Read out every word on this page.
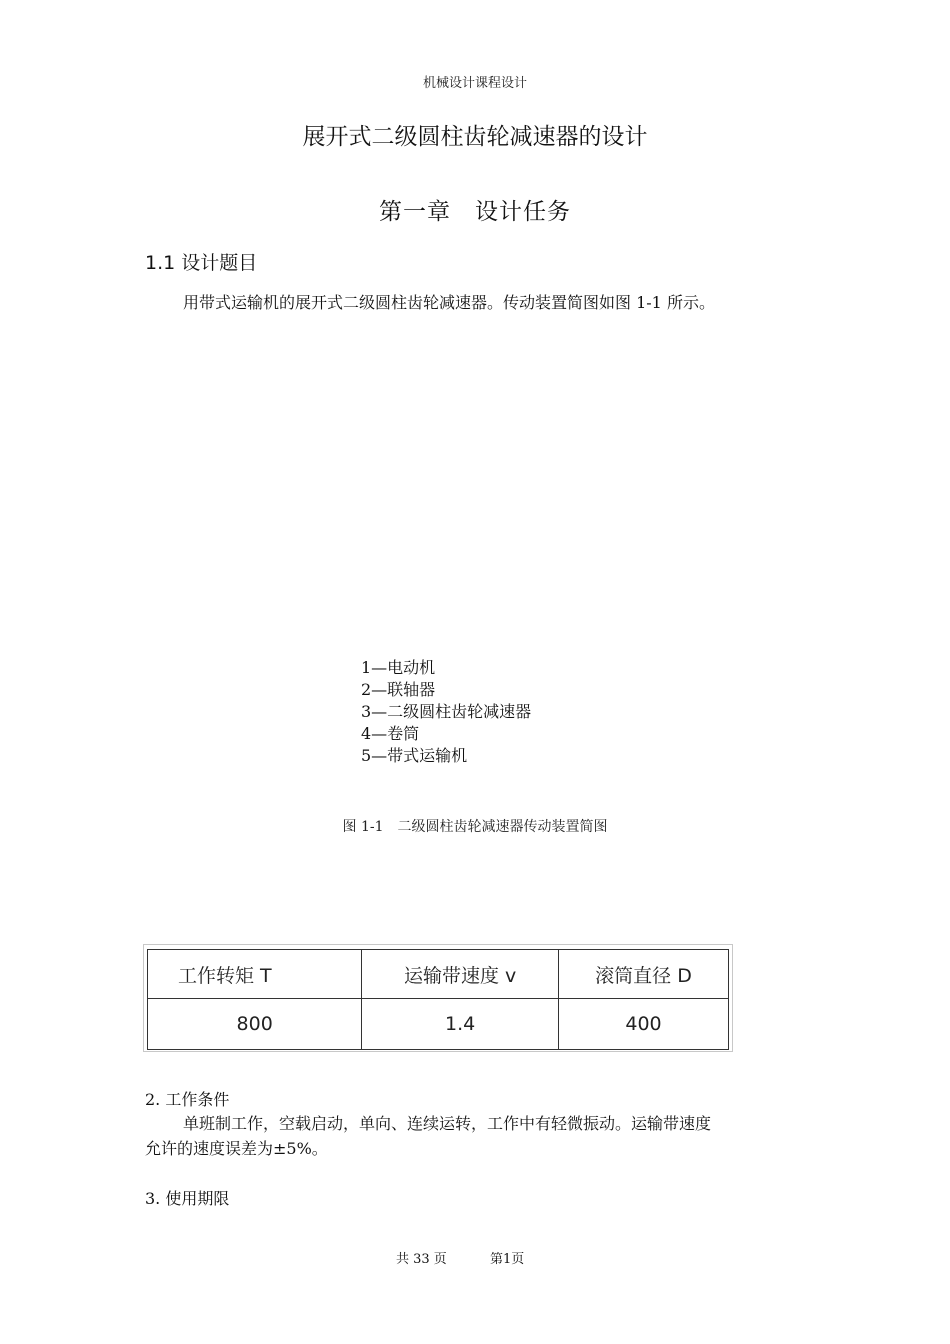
机械设计课程设计
展开式二级圆柱齿轮减速器的设计
第一章　设计任务
1.1 设计题目
用带式运输机的展开式二级圆柱齿轮减速器。传动装置简图如图 1-1 所示。
1—电动机
2—联轴器
3—二级圆柱齿轮减速器
4—卷筒
5—带式运输机
图 1-1　二级圆柱齿轮减速器传动装置简图
工作转矩 T	运输带速度 v	滚筒直径 D
800	1.4	400
2. 工作条件
单班制工作，空载启动，单向、连续运转，工作中有轻微振动。运输带速度
允许的速度误差为±5%。
3. 使用期限
共 33 页	第1页
